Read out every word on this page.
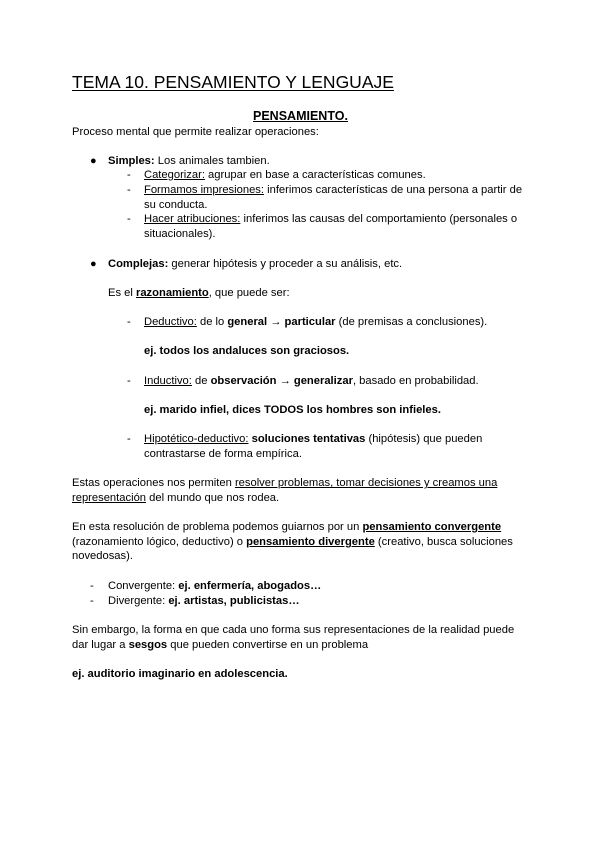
TEMA 10. PENSAMIENTO Y LENGUAJE
PENSAMIENTO.
Proceso mental que permite realizar operaciones:
● Simples: Los animales tambien.
- Categorizar: agrupar en base a características comunes.
- Formamos impresiones: inferimos características de una persona a partir de
su conducta.
- Hacer atribuciones: inferimos las causas del comportamiento (personales o
situacionales).
● Complejas: generar hipótesis y proceder a su análisis, etc.
Es el razonamiento, que puede ser:
- Deductivo: de lo general → particular (de premisas a conclusiones).
ej. todos los andaluces son graciosos.
- Inductivo: de observación → generalizar, basado en probabilidad.
ej. marido infiel, dices TODOS los hombres son infieles.
- Hipotético-deductivo: soluciones tentativas (hipótesis) que pueden
contrastarse de forma empírica.
Estas operaciones nos permiten resolver problemas, tomar decisiones y creamos una
representación del mundo que nos rodea.
En esta resolución de problema podemos guiarnos por un pensamiento convergente
(razonamiento lógico, deductivo) o pensamiento divergente (creativo, busca soluciones
novedosas).
- Convergente: ej. enfermería, abogados…
- Divergente: ej. artistas, publicistas…
Sin embargo, la forma en que cada uno forma sus representaciones de la realidad puede
dar lugar a sesgos que pueden convertirse en un problema
ej. auditorio imaginario en adolescencia.
